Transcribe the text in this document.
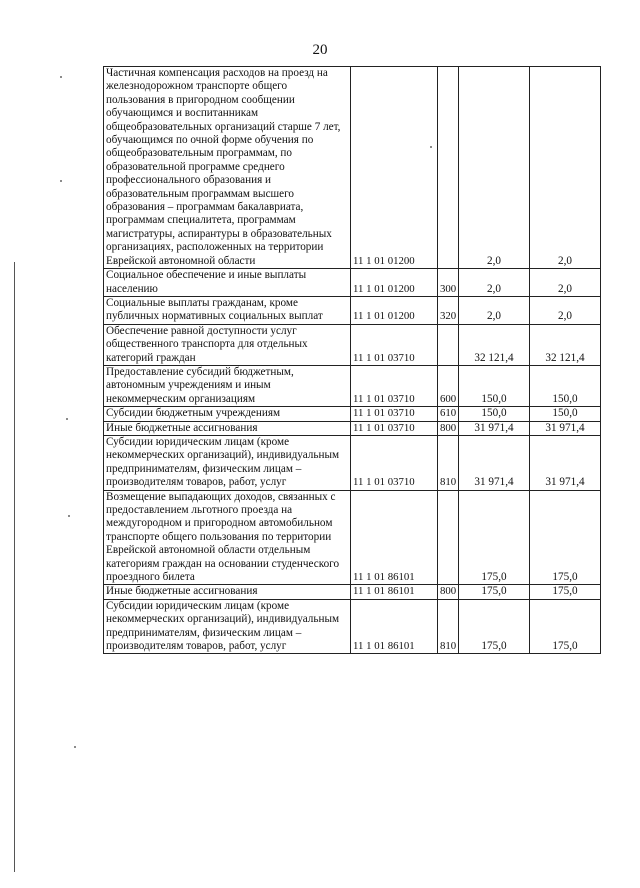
20
Частичная компенсация расходов на проезд на железнодорожном транспорте общего пользования в пригородном сообщении обучающимся и воспитанникам общеобразовательных организаций старше 7 лет, обучающимся по очной форме обучения по общеобразовательным программам, по образовательной программе среднего профессионального образования и образовательным программам высшего образования – программам бакалавриата, программам специалитета, программам магистратуры, аспирантуры в образовательных организациях, расположенных на территории Еврейской автономной области	11 1 01 01200		2,0	2,0
Социальное обеспечение и иные выплаты населению	11 1 01 01200	300	2,0	2,0
Социальные выплаты гражданам, кроме публичных нормативных социальных выплат	11 1 01 01200	320	2,0	2,0
Обеспечение равной доступности услуг общественного транспорта для отдельных категорий граждан	11 1 01 03710		32 121,4	32 121,4
Предоставление субсидий бюджетным, автономным учреждениям и иным некоммерческим организациям	11 1 01 03710	600	150,0	150,0
Субсидии бюджетным учреждениям	11 1 01 03710	610	150,0	150,0
Иные бюджетные ассигнования	11 1 01 03710	800	31 971,4	31 971,4
Субсидии юридическим лицам (кроме некоммерческих организаций), индивидуальным предпринимателям, физическим лицам – производителям товаров, работ, услуг	11 1 01 03710	810	31 971,4	31 971,4
Возмещение выпадающих доходов, связанных с предоставлением льготного проезда на междугородном и пригородном автомобильном транспорте общего пользования по территории Еврейской автономной области отдельным категориям граждан на основании студенческого проездного билета	11 1 01 86101		175,0	175,0
Иные бюджетные ассигнования	11 1 01 86101	800	175,0	175,0
Субсидии юридическим лицам (кроме некоммерческих организаций), индивидуальным предпринимателям, физическим лицам – производителям товаров, работ, услуг	11 1 01 86101	810	175,0	175,0
